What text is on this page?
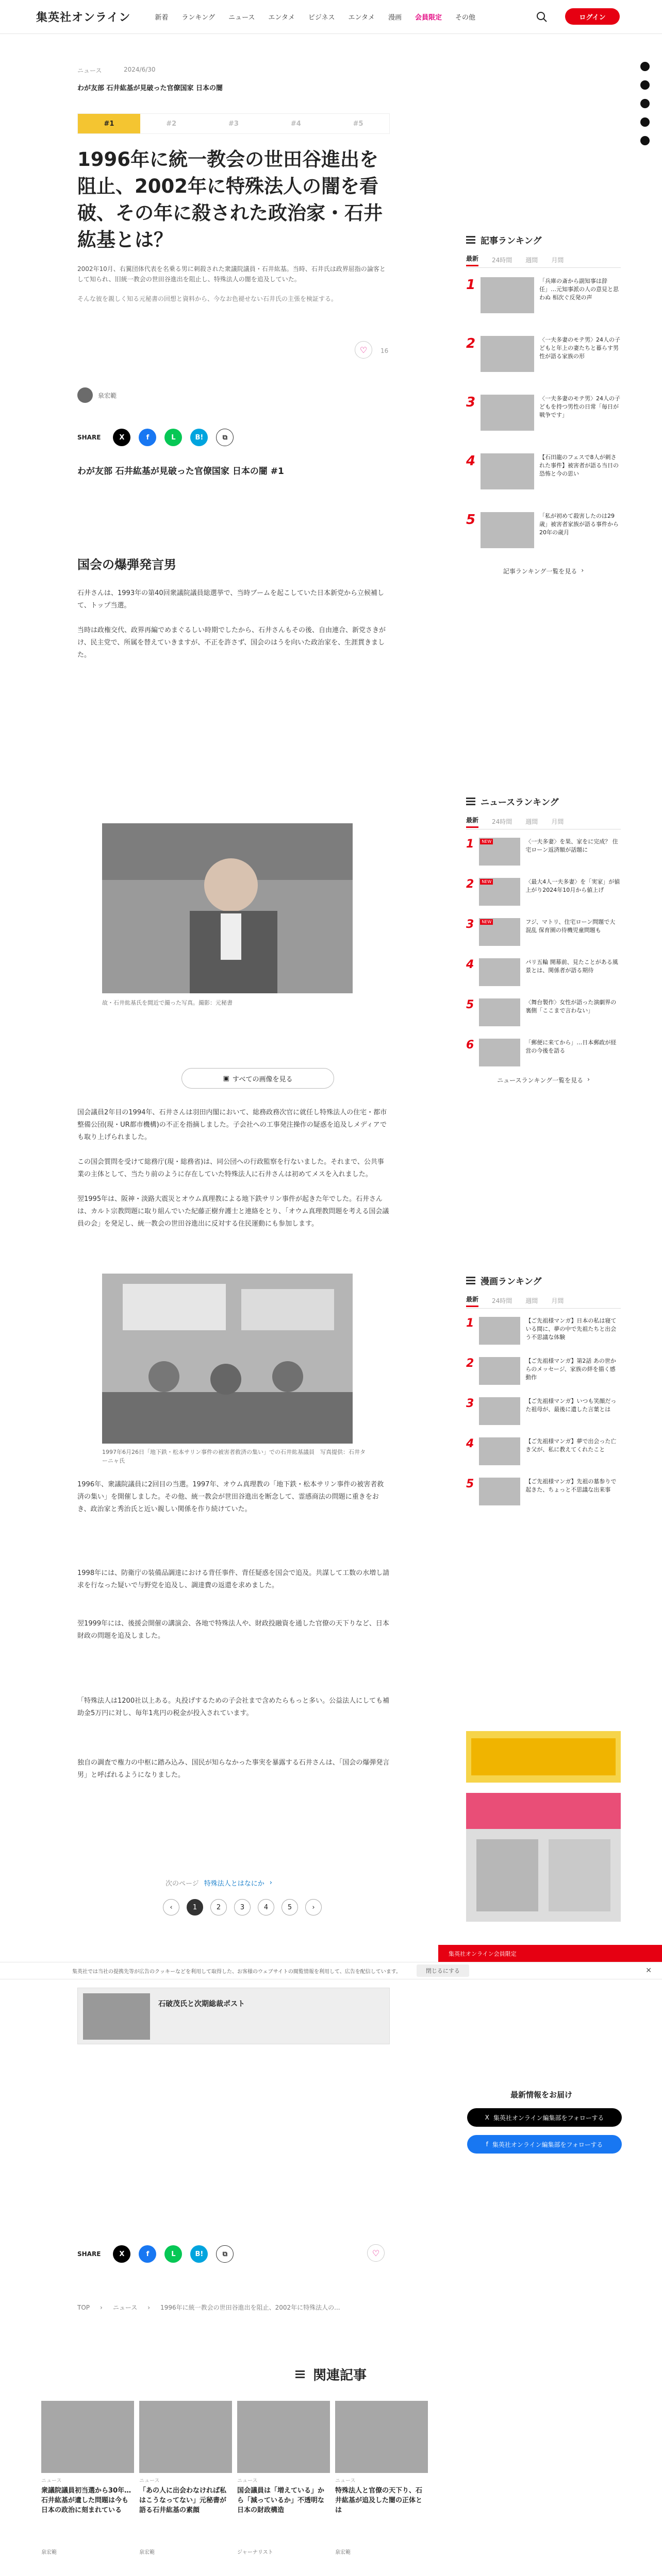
集英社オンライン	新着	ランキング	ニュース	エンタメ	ビジネス	エンタメ	漫画	会員限定	その他	ログイン
ニュース	2024/6/30
わが友部 石井紘基が見破った官僚国家 日本の闇
#1	#2	#3	#4	#5
1996年に統一教会の世田谷進出を阻止、2002年に特殊法人の闇を看破、その年に殺された政治家・石井紘基とは？

2002年10月、右翼団体代表を名乗る男に刺殺された衆議院議員・石井紘基。当時、石井氏は政界屈指の論客として知られ、旧統一教会の世田谷進出を阻止し、特殊法人の闇を追及していた。

そんな彼を親しく知る元秘書の回想と資料から、今なお色褪せない石井氏の主張を検証する。

♡	16
泉宏範
SHARE	X	f	L	B!	⧉
わが友部 石井紘基が見破った官僚国家 日本の闇 #1
国会の爆弾発言男

石井さんは、1993年の第40回衆議院議員総選挙で、当時ブームを起こしていた日本新党から立候補して、トップ当選。

当時は政権交代、政界再編でめまぐるしい時期でしたから、石井さんもその後、自由連合、新党さきがけ、民主党で、所属を替えていきますが、不正を許さず、国会のはうを向いた政治家を、生涯貫きました。

故・石井紘基氏を間近で撮った写真。撮影：元秘書

▣ すべての画像を見る

国会議員2年目の1994年、石井さんは羽田内閣において、総務政務次官に就任し特殊法人の住宅・都市整備公団(現・UR都市機構)の不正を指摘しました。子会社への工事発注操作の疑惑を追及しメディアでも取り上げられました。

この国会質問を受けて総務庁(現・総務省)は、同公団への行政監察を行ないました。それまで、公共事業の主体として、当たり前のように存在していた特殊法人に石井さんは初めてメスを入れました。

翌1995年は、阪神・淡路大震災とオウム真理教による地下鉄サリン事件が起きた年でした。石井さんは、カルト宗教問題に取り組んでいた紀藤正樹弁護士と連絡をとり、「オウム真理教問題を考える国会議員の会」を発足し、統一教会の世田谷進出に反対する住民運動にも参加します。

1997年6月26日「地下鉄・松本サリン事件の被害者救済の集い」での石井紘基議員　写真提供：石井ターニャ氏

1996年、衆議院議員に2回目の当選。1997年、オウム真理教の「地下鉄・松本サリン事件の被害者救済の集い」を開催しました。その他、統一教会が世田谷進出を断念して、霊感商法の問題に重きをおき、政治家と秀治氏と近い親しい関係を作り続けていた。

1998年には、防衛庁の装備品調達における背任事件、背任疑惑を国会で追及。共謀して工数の水増し請求を行なった疑いで与野党を追及し、調達費の返還を求めました。

翌1999年には、後援会開催の講演会、各地で特殊法人や、財政投融資を通した官僚の天下りなど、日本財政の問題を追及しました。

「特殊法人は1200社以上ある。丸投げするための子会社まで含めたらもっと多い。公益法人にしても補助金5万円に対し、毎年1兆円の税金が投入されています。

独自の調査で権力の中枢に踏み込み、国民が知らなかった事実を暴露する石井さんは、「国会の爆弾発言男」と呼ばれるようになりました。

次のページ 特殊法人とはなにか ›
‹	1	2	3	4	5	›
集英社オンライン会員限定
集英社では当社の提携先等が広告のクッキーなどを利用して取得した、お客様のウェブサイトの閲覧情報を利用して、広告を配信しています。	閉じるにする	✕
石破茂氏と次期総裁ポスト
最新情報をお届け
X 集英社オンライン編集部をフォローする
f 集英社オンライン編集部をフォローする
SHARE	X	f	L	B!	⧉	♡
TOP › ニュース › 1996年に統一教会の世田谷進出を阻止、2002年に特殊法人の...
関連記事
ニュース
衆議院議員初当選から30年… 石井紘基が遺した問題は今も日本の政治に刻まれている
泉宏範
ニュース
「あの人に出会わなければ私はこうなってない」元秘書が語る石井紘基の素顔
泉宏範
ニュース
国会議員は「増えている」から「減っているか」不透明な日本の財政構造
ジャーナリスト
ニュース
特殊法人と官僚の天下り、石井紘基が追及した闇の正体とは
泉宏範
記事ランキング
最新 24時間 週間 月間
1	「兵庫の斎から副知事は辞任」…元知事派の人の意見と思わぬ 相次ぐ反発の声
2	〈一夫多妻のモテ男〉24人の子どもと年上の妻たちと暮らす男性が語る家族の形
3	〈一夫多妻のモテ男〉24人の子どもを持つ男性の日常「毎日が戦争です」
4	【石田龍のフェスで8人が刺された事件】被害者が語る当日の恐怖と今の思い
5	「私が初めて殺害したのは29歳」被害者家族が語る事件から20年の歳月
記事ランキング一覧を見る ›
ニュースランキング
最新 24時間 週間 月間
1	NEW	〈一夫多妻〉を果、家をに完成？ 住宅ローン返済額が話題に
2	NEW	〈最大4人一夫多妻〉を「実家」が値上がり2024年10月から値上げ
3	NEW	フジ、マトリ、住宅ローン問題で大混乱 保育園の待機児童問題も
4	パリ五輪 開幕前、見たことがある風景とは、関係者が語る期待
5	〈舞台製作〉女性が語った演劇界の裏側「ここまで言わない」
6	「郵便に来てから」…日本郵政が経営の今後を語る
ニュースランキング一覧を見る ›
漫画ランキング
最新 24時間 週間 月間
1	【ご先祖様マンガ】日本の私は寝ている間に、夢の中で先祖たちと出会う不思議な体験
2	【ご先祖様マンガ】第2話 あの世からのメッセージ、家族の絆を描く感動作
3	【ご先祖様マンガ】いつも笑顔だった祖母が、最後に遺した言葉とは
4	【ご先祖様マンガ】夢で出会った亡き父が、私に教えてくれたこと
5	【ご先祖様マンガ】先祖の墓参りで起きた、ちょっと不思議な出来事
